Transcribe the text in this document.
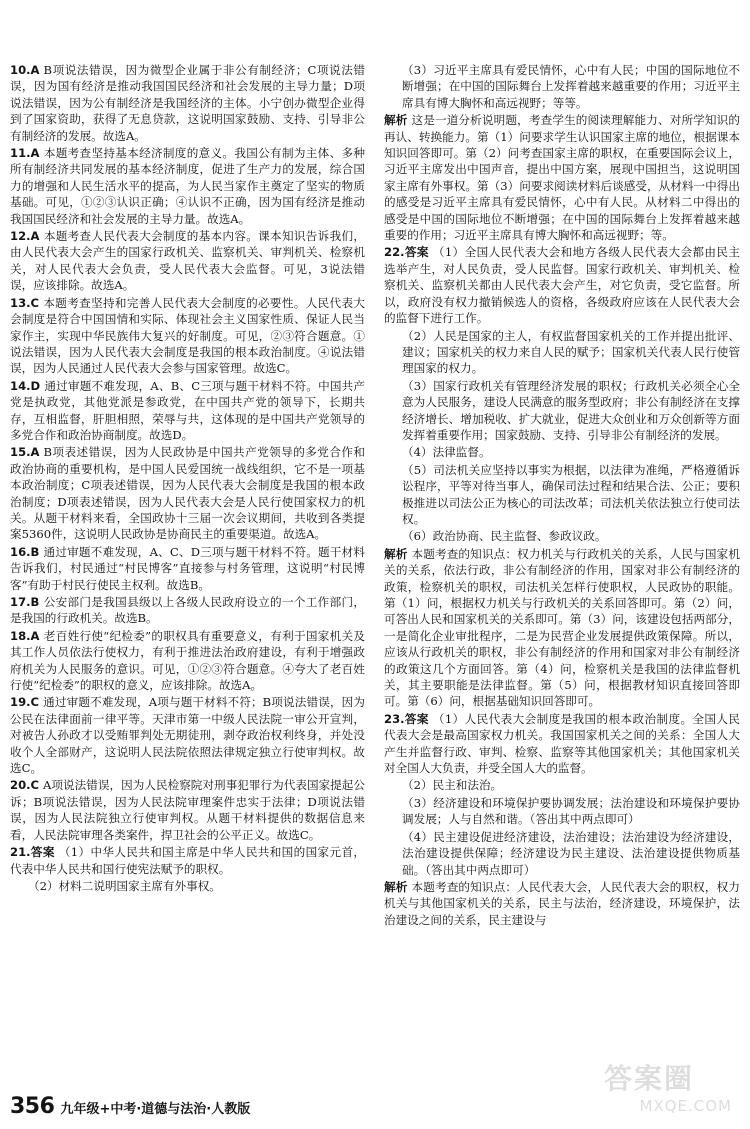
10.A B项说法错误，因为微型企业属于非公有制经济；C项说法错误，因为国有经济是推动我国国民经济和社会发展的主导力量；D项说法错误，因为公有制经济是我国经济的主体。小宁创办微型企业得到了国家资助，获得了无息贷款，这说明国家鼓励、支持、引导非公有制经济的发展。故选A。
11.A 本题考查坚持基本经济制度的意义。我国公有制为主体、多种所有制经济共同发展的基本经济制度，促进了生产力的发展，综合国力的增强和人民生活水平的提高，为人民当家作主奠定了坚实的物质基础。可见，①②③认识正确；④认识不正确，因为国有经济是推动我国国民经济和社会发展的主导力量。故选A。
12.A 本题考查人民代表大会制度的基本内容。课本知识告诉我们，由人民代表大会产生的国家行政机关、监察机关、审判机关、检察机关，对人民代表大会负责，受人民代表大会监督。可见，3说法错误，应该排除。故选A。
13.C 本题考查坚持和完善人民代表大会制度的必要性。人民代表大会制度是符合中国国情和实际、体现社会主义国家性质、保证人民当家作主，实现中华民族伟大复兴的好制度。可见，②③符合题意。①说法错误，因为人民代表大会制度是我国的根本政治制度。④说法错误，因为人民通过人民代表大会参与国家管理。故选C。
14.D 通过审题不难发现，A、B、C三项与题干材料不符。中国共产党是执政党，其他党派是参政党，在中国共产党的领导下，长期共存，互相监督，肝胆相照，荣辱与共，这体现的是中国共产党领导的多党合作和政治协商制度。故选D。
15.A B项表述错误，因为人民政协是中国共产党领导的多党合作和政治协商的重要机构，是中国人民爱国统一战线组织，它不是一项基本政治制度；C项表述错误，因为人民代表大会制度是我国的根本政治制度；D项表述错误，因为人民代表大会是人民行使国家权力的机关。从题干材料来看，全国政协十三届一次会议期间，共收到各类提案5360件，这说明人民政协是协商民主的重要渠道。故选A。
16.B 通过审题不难发现，A、C、D三项与题干材料不符。题干材料告诉我们，村民通过“村民博客”直接参与村务管理，这说明“村民博客”有助于村民行使民主权利。故选B。
17.B 公安部门是我国县级以上各级人民政府设立的一个工作部门，是我国的行政机关。故选B。
18.A 老百姓行使“纪检委”的职权具有重要意义，有利于国家机关及其工作人员依法行使权力，有利于推进法治政府建设，有利于增强政府机关为人民服务的意识。可见，①②③符合题意。④夸大了老百姓行使“纪检委”的职权的意义，应该排除。故选A。
19.C 通过审题不难发现，A项与题干材料不符；B项说法错误，因为公民在法律面前一律平等。天津市第一中级人民法院一审公开宣判，对被告人孙政才以受贿罪判处无期徒刑，剥夺政治权利终身，并处没收个人全部财产，这说明人民法院依照法律规定独立行使审判权。故选C。
20.C A项说法错误，因为人民检察院对刑事犯罪行为代表国家提起公诉；B项说法错误，因为人民法院审理案件忠实于法律；D项说法错误，因为人民法院独立行使审判权。从题干材料提供的数据信息来看，人民法院审理各类案件，捍卫社会的公平正义。故选C。
21.答案 （1）中华人民共和国主席是中华人民共和国的国家元首，代表中华人民共和国行使宪法赋予的职权。
（2）材料二说明国家主席有外事权。
（3）习近平主席具有爱民情怀，心中有人民；中国的国际地位不断增强；在中国的国际舞台上发挥着越来越重要的作用；习近平主席具有博大胸怀和高远视野；等等。
解析 这是一道分析说明题，考查学生的阅读理解能力、对所学知识的再认、转换能力。第（1）问要求学生认识国家主席的地位，根据课本知识回答即可。第（2）问考查国家主席的职权，在重要国际会议上，习近平主席发出中国声音，提出中国方案，展现中国担当，这说明国家主席有外事权。第（3）问要求阅读材料后谈感受，从材料一中得出的感受是习近平主席具有爱民情怀，心中有人民。从材料二中得出的感受是中国的国际地位不断增强；在中国的国际舞台上发挥着越来越重要的作用；习近平主席具有博大胸怀和高远视野；等。
22.答案 （1）全国人民代表大会和地方各级人民代表大会都由民主选举产生，对人民负责，受人民监督。国家行政机关、审判机关、检察机关、监察机关都由人民代表大会产生，对它负责，受它监督。所以，政府没有权力撤销候选人的资格，各级政府应该在人民代表大会的监督下进行工作。
（2）人民是国家的主人，有权监督国家机关的工作并提出批评、建议；国家机关的权力来自人民的赋予；国家机关代表人民行使管理国家的权力。
（3）国家行政机关有管理经济发展的职权；行政机关必须全心全意为人民服务，建设人民满意的服务型政府；非公有制经济在支撑经济增长、增加税收、扩大就业，促进大众创业和万众创新等方面发挥着重要作用；国家鼓励、支持、引导非公有制经济的发展。
（4）法律监督。
（5）司法机关应坚持以事实为根据，以法律为准绳，严格遵循诉讼程序，平等对待当事人，确保司法过程和结果合法、公正；要积极推进以司法公正为核心的司法改革；司法机关依法独立行使司法权。
（6）政治协商、民主监督、参政议政。
解析 本题考查的知识点：权力机关与行政机关的关系，人民与国家机关的关系，依法行政，非公有制经济的作用，国家对非公有制经济的政策，检察机关的职权，司法机关怎样行使职权，人民政协的职能。第（1）问，根据权力机关与行政机关的关系回答即可。第（2）问，可答出人民和国家机关的关系即可。第（3）问，该建设包括两部分，一是简化企业审批程序，二是为民营企业发展提供政策保障。所以，应该从行政机关的职权，非公有制经济的作用和国家对非公有制经济的政策这几个方面回答。第（4）问，检察机关是我国的法律监督机关，其主要职能是法律监督。第（5）问，根据教材知识直接回答即可。第（6）问，根据基础知识回答即可。
23.答案 （1）人民代表大会制度是我国的根本政治制度。全国人民代表大会是最高国家权力机关。我国国家机关之间的关系：全国人大产生并监督行政、审判、检察、监察等其他国家机关；其他国家机关对全国人大负责，并受全国人大的监督。
（2）民主和法治。
（3）经济建设和环境保护要协调发展；法治建设和环境保护要协调发展；人与自然和谐。（答出其中两点即可）
（4）民主建设促进经济建设，法治建设；法治建设为经济建设，法治建设提供保障；经济建设为民主建设、法治建设提供物质基础。（答出其中两点即可）
解析 本题考查的知识点：人民代表大会，人民代表大会的职权，权力机关与其他国家机关的关系，民主与法治，经济建设，环境保护，法治建设之间的关系，民主建设与
356 九年级+中考·道德与法治·人教版
答案圈
MXQE.COM
